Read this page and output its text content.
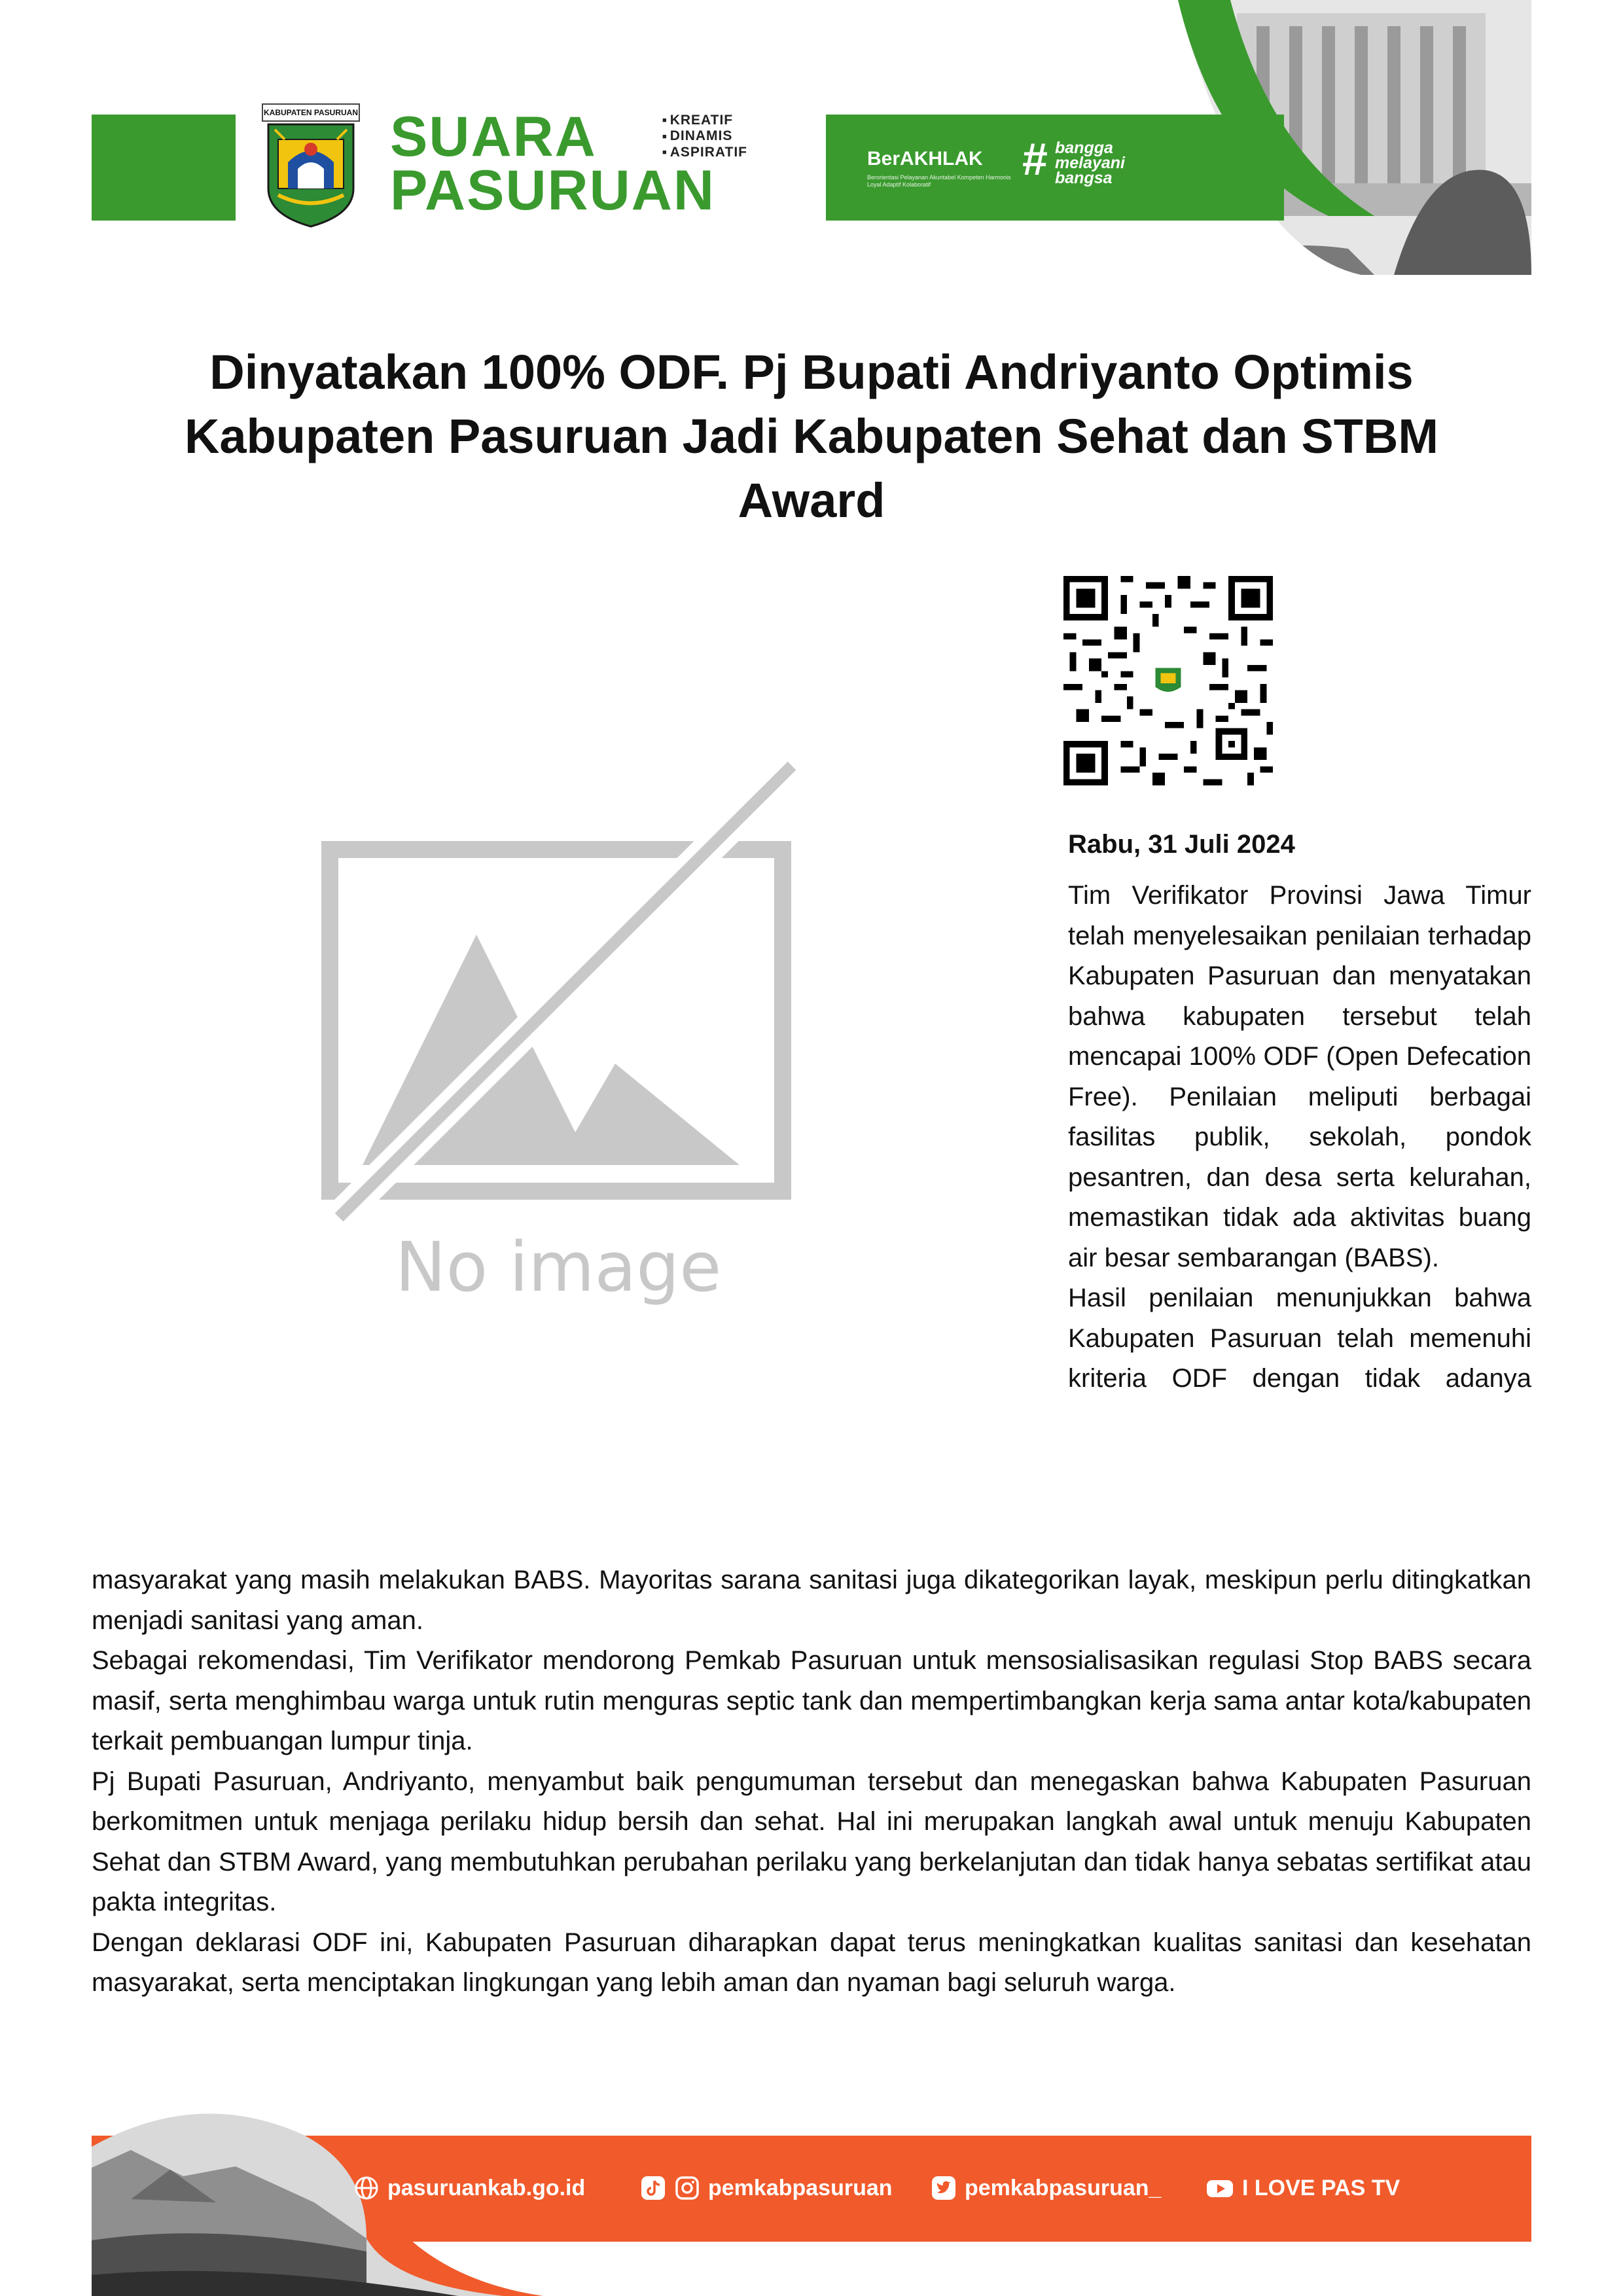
KABUPATEN PASURUAN SUARA
PASURUAN
■ KREATIF
■ DINAMIS
■ ASPIRATIF	BerAKHLAK
Berorientasi Pelayanan Akuntabel Kompeten Harmonis Loyal Adaptif Kolaboratif	# bangga
melayani
bangsa
Dinyatakan 100% ODF. Pj Bupati Andriyanto Optimis
Kabupaten Pasuruan Jadi Kabupaten Sehat dan STBM
Award
No image
Rabu, 31 Juli 2024

Tim Verifikator Provinsi Jawa Timur telah menyelesaikan penilaian terhadap Kabupaten Pasuruan dan menyatakan bahwa kabupaten tersebut telah mencapai 100% ODF (Open Defecation Free). Penilaian meliputi berbagai fasilitas publik, sekolah, pondok pesantren, dan desa serta kelurahan, memastikan tidak ada aktivitas buang air besar sembarangan (BABS).

Hasil penilaian menunjukkan bahwa Kabupaten Pasuruan telah memenuhi kriteria ODF dengan tidak adanya

masyarakat yang masih melakukan BABS. Mayoritas sarana sanitasi juga dikategorikan layak, meskipun perlu ditingkatkan menjadi sanitasi yang aman.

Sebagai rekomendasi, Tim Verifikator mendorong Pemkab Pasuruan untuk mensosialisasikan regulasi Stop BABS secara masif, serta menghimbau warga untuk rutin menguras septic tank dan mempertimbangkan kerja sama antar kota/kabupaten terkait pembuangan lumpur tinja.

Pj Bupati Pasuruan, Andriyanto, menyambut baik pengumuman tersebut dan menegaskan bahwa Kabupaten Pasuruan berkomitmen untuk menjaga perilaku hidup bersih dan sehat. Hal ini merupakan langkah awal untuk menuju Kabupaten Sehat dan STBM Award, yang membutuhkan perubahan perilaku yang berkelanjutan dan tidak hanya sebatas sertifikat atau pakta integritas.

Dengan deklarasi ODF ini, Kabupaten Pasuruan diharapkan dapat terus meningkatkan kualitas sanitasi dan kesehatan masyarakat, serta menciptakan lingkungan yang lebih aman dan nyaman bagi seluruh warga.

pasuruankab.go.id	pemkabpasuruan	pemkabpasuruan_	I LOVE PAS TV
